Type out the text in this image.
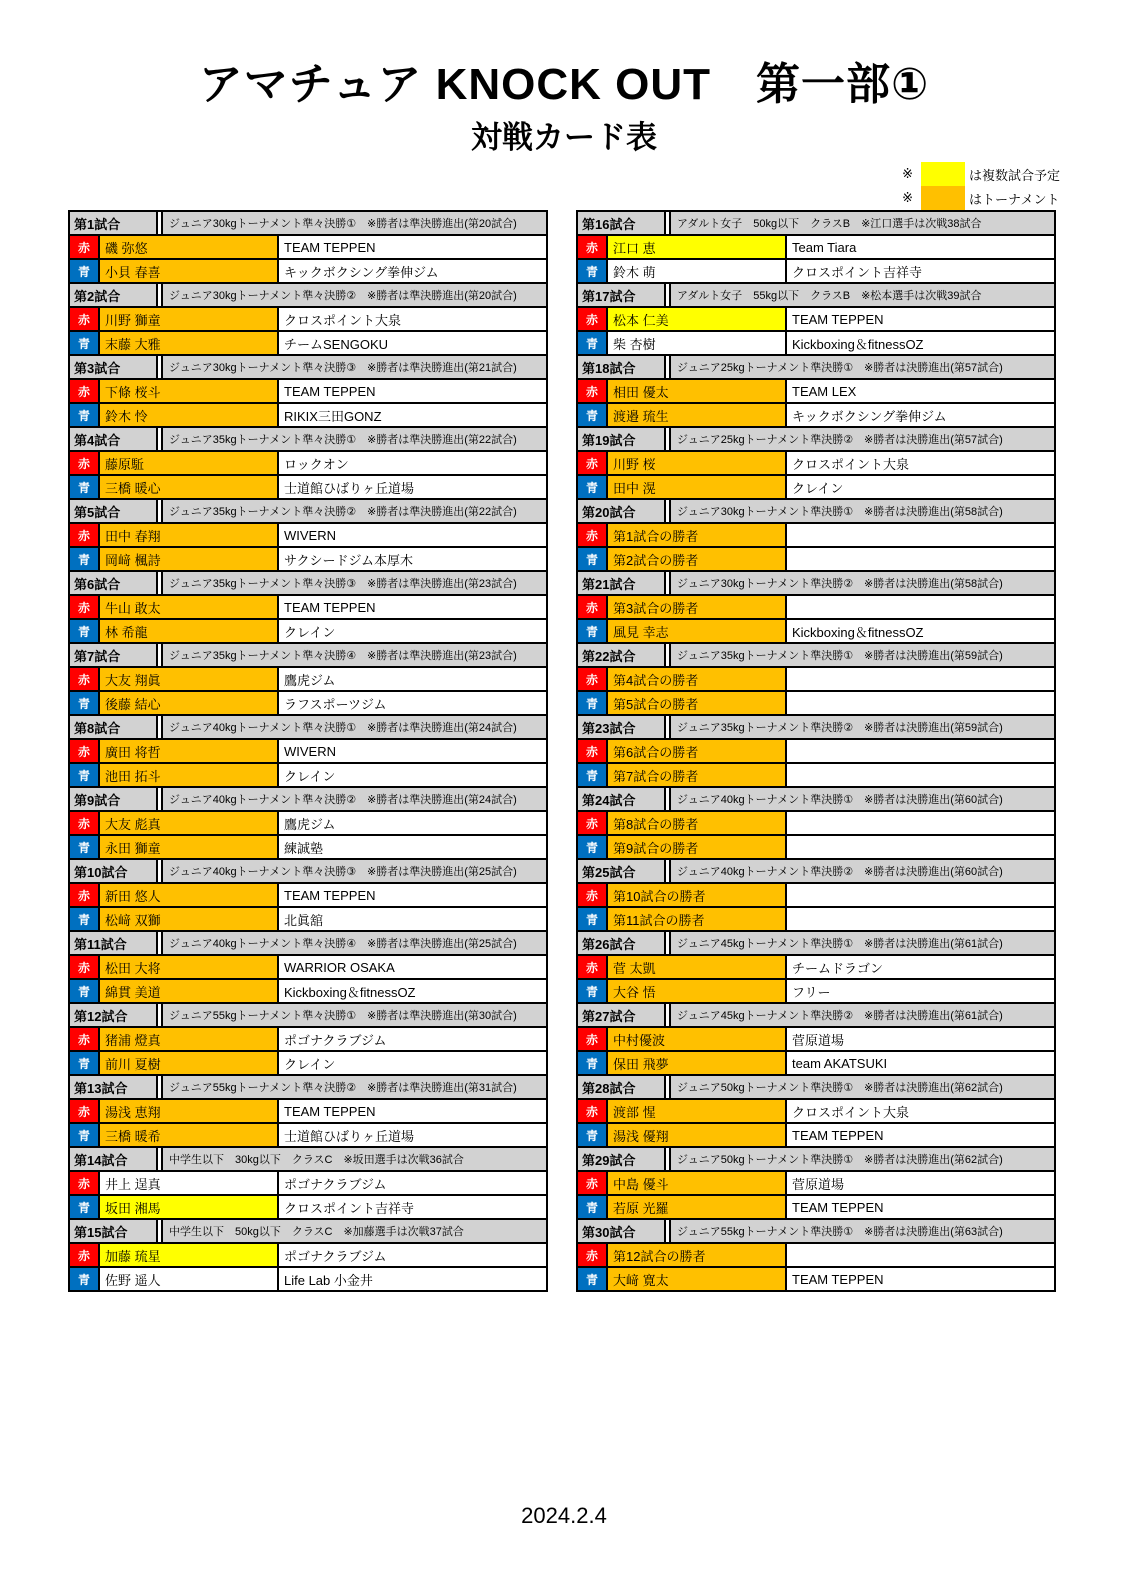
アマチュア KNOCK OUT　第一部①
対戦カード表
※	は複数試合予定
※	はトーナメント
第1試合	ジュニア30kgトーナメント準々決勝①　※勝者は準決勝進出(第20試合)
赤	磯 弥悠	TEAM TEPPEN
青	小貝 春喜	キックボクシング拳伸ジム
第2試合	ジュニア30kgトーナメント準々決勝②　※勝者は準決勝進出(第20試合)
赤	川野 獅童	クロスポイント大泉
青	末藤 大雅	チームSENGOKU
第3試合	ジュニア30kgトーナメント準々決勝③　※勝者は準決勝進出(第21試合)
赤	下條 桜斗	TEAM TEPPEN
青	鈴木 怜	RIKIX三田GONZ
第4試合	ジュニア35kgトーナメント準々決勝①　※勝者は準決勝進出(第22試合)
赤	藤原駈	ロックオン
青	三橋 暖心	士道館ひばりヶ丘道場
第5試合	ジュニア35kgトーナメント準々決勝②　※勝者は準決勝進出(第22試合)
赤	田中 春翔	WIVERN
青	岡﨑 楓詩	サクシードジム本厚木
第6試合	ジュニア35kgトーナメント準々決勝③　※勝者は準決勝進出(第23試合)
赤	牛山 敢太	TEAM TEPPEN
青	林 希龍	クレイン
第7試合	ジュニア35kgトーナメント準々決勝④　※勝者は準決勝進出(第23試合)
赤	大友 翔眞	鷹虎ジム
青	後藤 結心	ラフスポーツジム
第8試合	ジュニア40kgトーナメント準々決勝①　※勝者は準決勝進出(第24試合)
赤	廣田 将哲	WIVERN
青	池田 拓斗	クレイン
第9試合	ジュニア40kgトーナメント準々決勝②　※勝者は準決勝進出(第24試合)
赤	大友 彪真	鷹虎ジム
青	永田 獅童	練誠塾
第10試合	ジュニア40kgトーナメント準々決勝③　※勝者は準決勝進出(第25試合)
赤	新田 悠人	TEAM TEPPEN
青	松﨑 双獅	北眞舘
第11試合	ジュニア40kgトーナメント準々決勝④　※勝者は準決勝進出(第25試合)
赤	松田 大将	WARRIOR OSAKA
青	綿貫 美道	Kickboxing＆fitnessOZ
第12試合	ジュニア55kgトーナメント準々決勝①　※勝者は準決勝進出(第30試合)
赤	猪浦 燈真	ポゴナクラブジム
青	前川 夏樹	クレイン
第13試合	ジュニア55kgトーナメント準々決勝②　※勝者は準決勝進出(第31試合)
赤	湯浅 恵翔	TEAM TEPPEN
青	三橋 暖希	士道館ひばりヶ丘道場
第14試合	中学生以下　30kg以下　クラスC　※坂田選手は次戦36試合
赤	井上 逞真	ポゴナクラブジム
青	坂田 湘馬	クロスポイント吉祥寺
第15試合	中学生以下　50kg以下　クラスC　※加藤選手は次戦37試合
赤	加藤 琉星	ポゴナクラブジム
青	佐野 遥人	Life Lab 小金井
第16試合	アダルト女子　50kg以下　クラスB　※江口選手は次戦38試合
赤	江口 恵	Team Tiara
青	鈴木 萌	クロスポイント吉祥寺
第17試合	アダルト女子　55kg以下　クラスB　※松本選手は次戦39試合
赤	松本 仁美	TEAM TEPPEN
青	柴 杏樹	Kickboxing＆fitnessOZ
第18試合	ジュニア25kgトーナメント準決勝①　※勝者は決勝進出(第57試合)
赤	相田 優太	TEAM LEX
青	渡邉 琉生	キックボクシング拳伸ジム
第19試合	ジュニア25kgトーナメント準決勝②　※勝者は決勝進出(第57試合)
赤	川野 桜	クロスポイント大泉
青	田中 滉	クレイン
第20試合	ジュニア30kgトーナメント準決勝①　※勝者は決勝進出(第58試合)
赤	第1試合の勝者
青	第2試合の勝者
第21試合	ジュニア30kgトーナメント準決勝②　※勝者は決勝進出(第58試合)
赤	第3試合の勝者
青	風見 幸志	Kickboxing＆fitnessOZ
第22試合	ジュニア35kgトーナメント準決勝①　※勝者は決勝進出(第59試合)
赤	第4試合の勝者
青	第5試合の勝者
第23試合	ジュニア35kgトーナメント準決勝②　※勝者は決勝進出(第59試合)
赤	第6試合の勝者
青	第7試合の勝者
第24試合	ジュニア40kgトーナメント準決勝①　※勝者は決勝進出(第60試合)
赤	第8試合の勝者
青	第9試合の勝者
第25試合	ジュニア40kgトーナメント準決勝②　※勝者は決勝進出(第60試合)
赤	第10試合の勝者
青	第11試合の勝者
第26試合	ジュニア45kgトーナメント準決勝①　※勝者は決勝進出(第61試合)
赤	菅 太凱	チームドラゴン
青	大谷 悟	フリー
第27試合	ジュニア45kgトーナメント準決勝②　※勝者は決勝進出(第61試合)
赤	中村優波	菅原道場
青	保田 飛夢	team AKATSUKI
第28試合	ジュニア50kgトーナメント準決勝①　※勝者は決勝進出(第62試合)
赤	渡部 惺	クロスポイント大泉
青	湯浅 優翔	TEAM TEPPEN
第29試合	ジュニア50kgトーナメント準決勝①　※勝者は決勝進出(第62試合)
赤	中島 優斗	菅原道場
青	若原 光羅	TEAM TEPPEN
第30試合	ジュニア55kgトーナメント準決勝①　※勝者は決勝進出(第63試合)
赤	第12試合の勝者
青	大﨑 寛太	TEAM TEPPEN
2024.2.4
